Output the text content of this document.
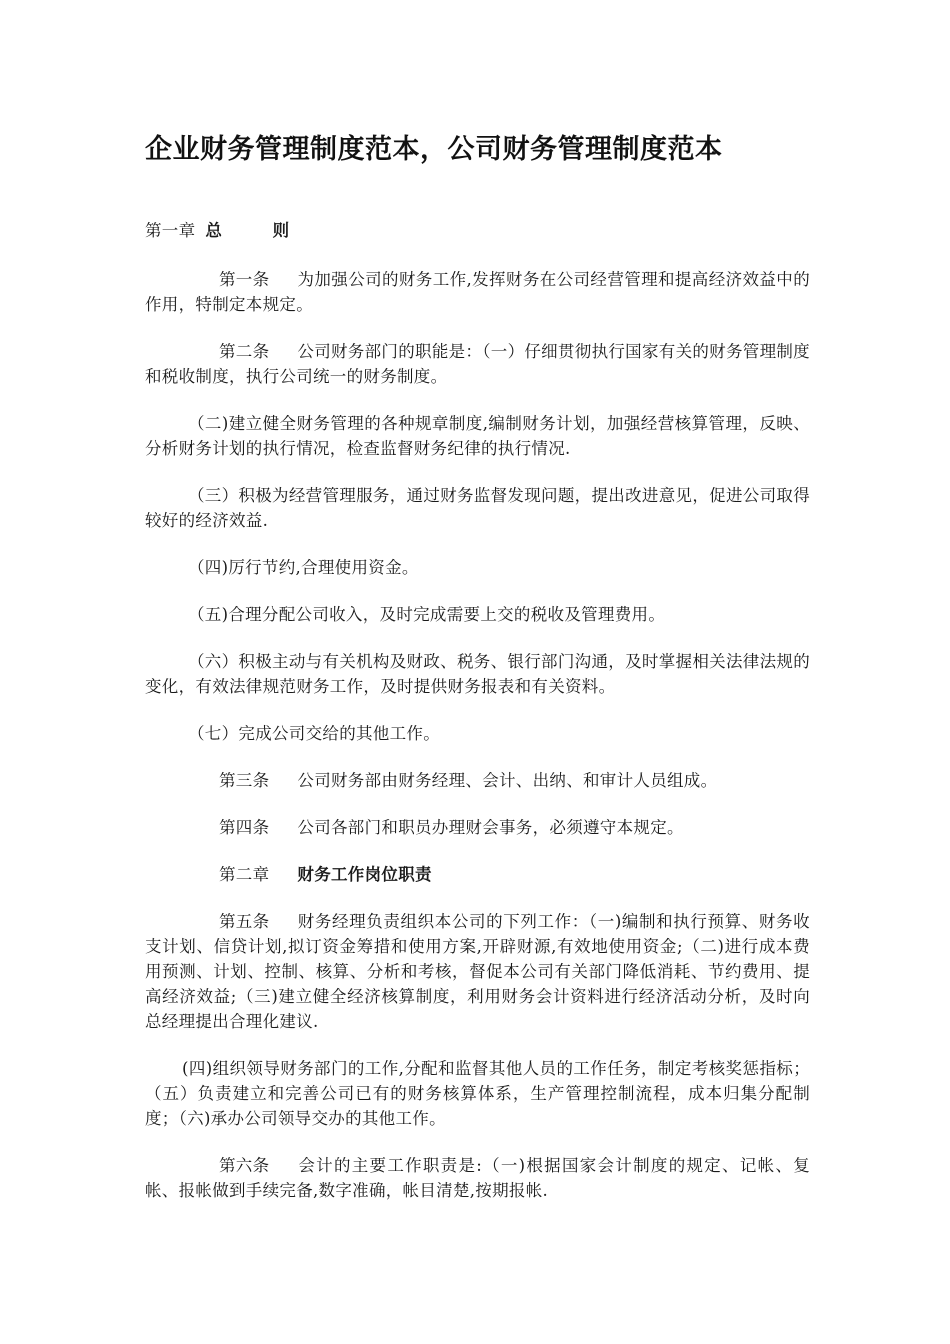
企业财务管理制度范本，公司财务管理制度范本

第一章 总　　　则

第一条 为加强公司的财务工作,发挥财务在公司经营管理和提高经济效益中的作用，特制定本规定。

第二条 公司财务部门的职能是：（一）仔细贯彻执行国家有关的财务管理制度和税收制度，执行公司统一的财务制度。

（二)建立健全财务管理的各种规章制度,编制财务计划，加强经营核算管理，反映、分析财务计划的执行情况，检查监督财务纪律的执行情况.

（三）积极为经营管理服务，通过财务监督发现问题，提出改进意见，促进公司取得较好的经济效益.

（四)厉行节约,合理使用资金。

（五)合理分配公司收入，及时完成需要上交的税收及管理费用。

（六）积极主动与有关机构及财政、税务、银行部门沟通，及时掌握相关法律法规的变化，有效法律规范财务工作，及时提供财务报表和有关资料。

（七）完成公司交给的其他工作。

第三条 公司财务部由财务经理、会计、出纳、和审计人员组成。

第四条 公司各部门和职员办理财会事务，必须遵守本规定。

第二章 财务工作岗位职责

第五条 财务经理负责组织本公司的下列工作：（一)编制和执行预算、财务收支计划、信贷计划,拟订资金筹措和使用方案,开辟财源,有效地使用资金;（二)进行成本费用预测、计划、控制、核算、分析和考核，督促本公司有关部门降低消耗、节约费用、提高经济效益;（三)建立健全经济核算制度，利用财务会计资料进行经济活动分析，及时向总经理提出合理化建议.

(四)组织领导财务部门的工作,分配和监督其他人员的工作任务，制定考核奖惩指标；（五）负责建立和完善公司已有的财务核算体系，生产管理控制流程，成本归集分配制度；（六)承办公司领导交办的其他工作。

第六条 会计的主要工作职责是:（一)根据国家会计制度的规定、记帐、复帐、报帐做到手续完备,数字准确，帐目清楚,按期报帐.
